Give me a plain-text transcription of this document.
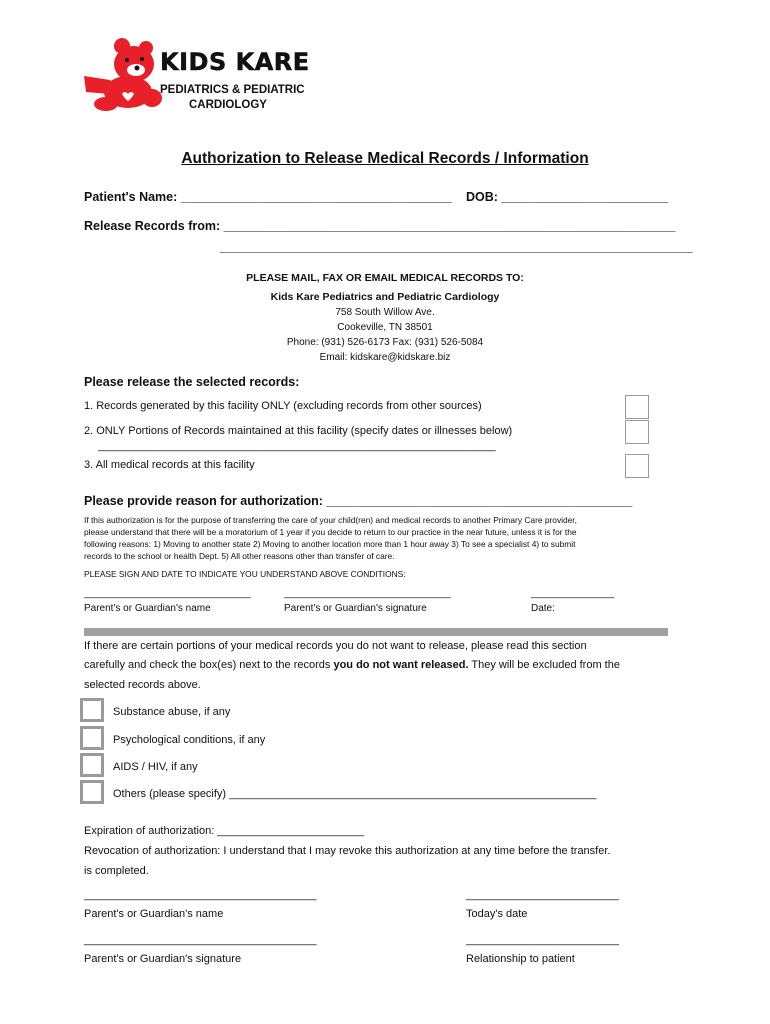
KIDS KARE
PEDIATRICS & PEDIATRIC
CARDIOLOGY
Authorization to Release Medical Records / Information
Patient's Name: _______________________________________ DOB: ________________________
Release Records from: _________________________________________________________________
____________________________________________________________________
PLEASE MAIL, FAX OR EMAIL MEDICAL RECORDS TO:
Kids Kare Pediatrics and Pediatric Cardiology
758 South Willow Ave.
Cookeville, TN 38501
Phone: (931) 526-6173 Fax: (931) 526-5084
Email: kidskare@kidskare.biz
Please release the selected records:
1. Records generated by this facility ONLY (excluding records from other sources)
2. ONLY Portions of Records maintained at this facility (specify dates or illnesses below)
_________________________________________________________________
3. All medical records at this facility
Please provide reason for authorization: ____________________________________________
If this authorization is for the purpose of transferring the care of your child(ren) and medical records to another Primary Care provider,
please understand that there will be a moratorium of 1 year if you decide to return to our practice in the near future, unless it is for the
following reasons: 1) Moving to another state 2) Moving to another location more than 1 hour away 3) To see a specialist 4) to submit
records to the school or health Dept. 5) All other reasons other than transfer of care.
PLEASE SIGN AND DATE TO INDICATE YOU UNDERSTAND ABOVE CONDITIONS:
______________________________	______________________________	_______________
Parent's or Guardian's name	Parent's or Guardian's signature	Date:
If there are certain portions of your medical records you do not want to release, please read this section
carefully and check the box(es) next to the records you do not want released. They will be excluded from the
selected records above.
Substance abuse, if any
Psychological conditions, if any
AIDS / HIV, if any
Others (please specify) ____________________________________________________________
Expiration of authorization: ________________________
Revocation of authorization: I understand that I may revoke this authorization at any time before the transfer.
is completed.
______________________________________	_________________________
Parent's or Guardian's name	Today's date
______________________________________	_________________________
Parent's or Guardian's signature	Relationship to patient
